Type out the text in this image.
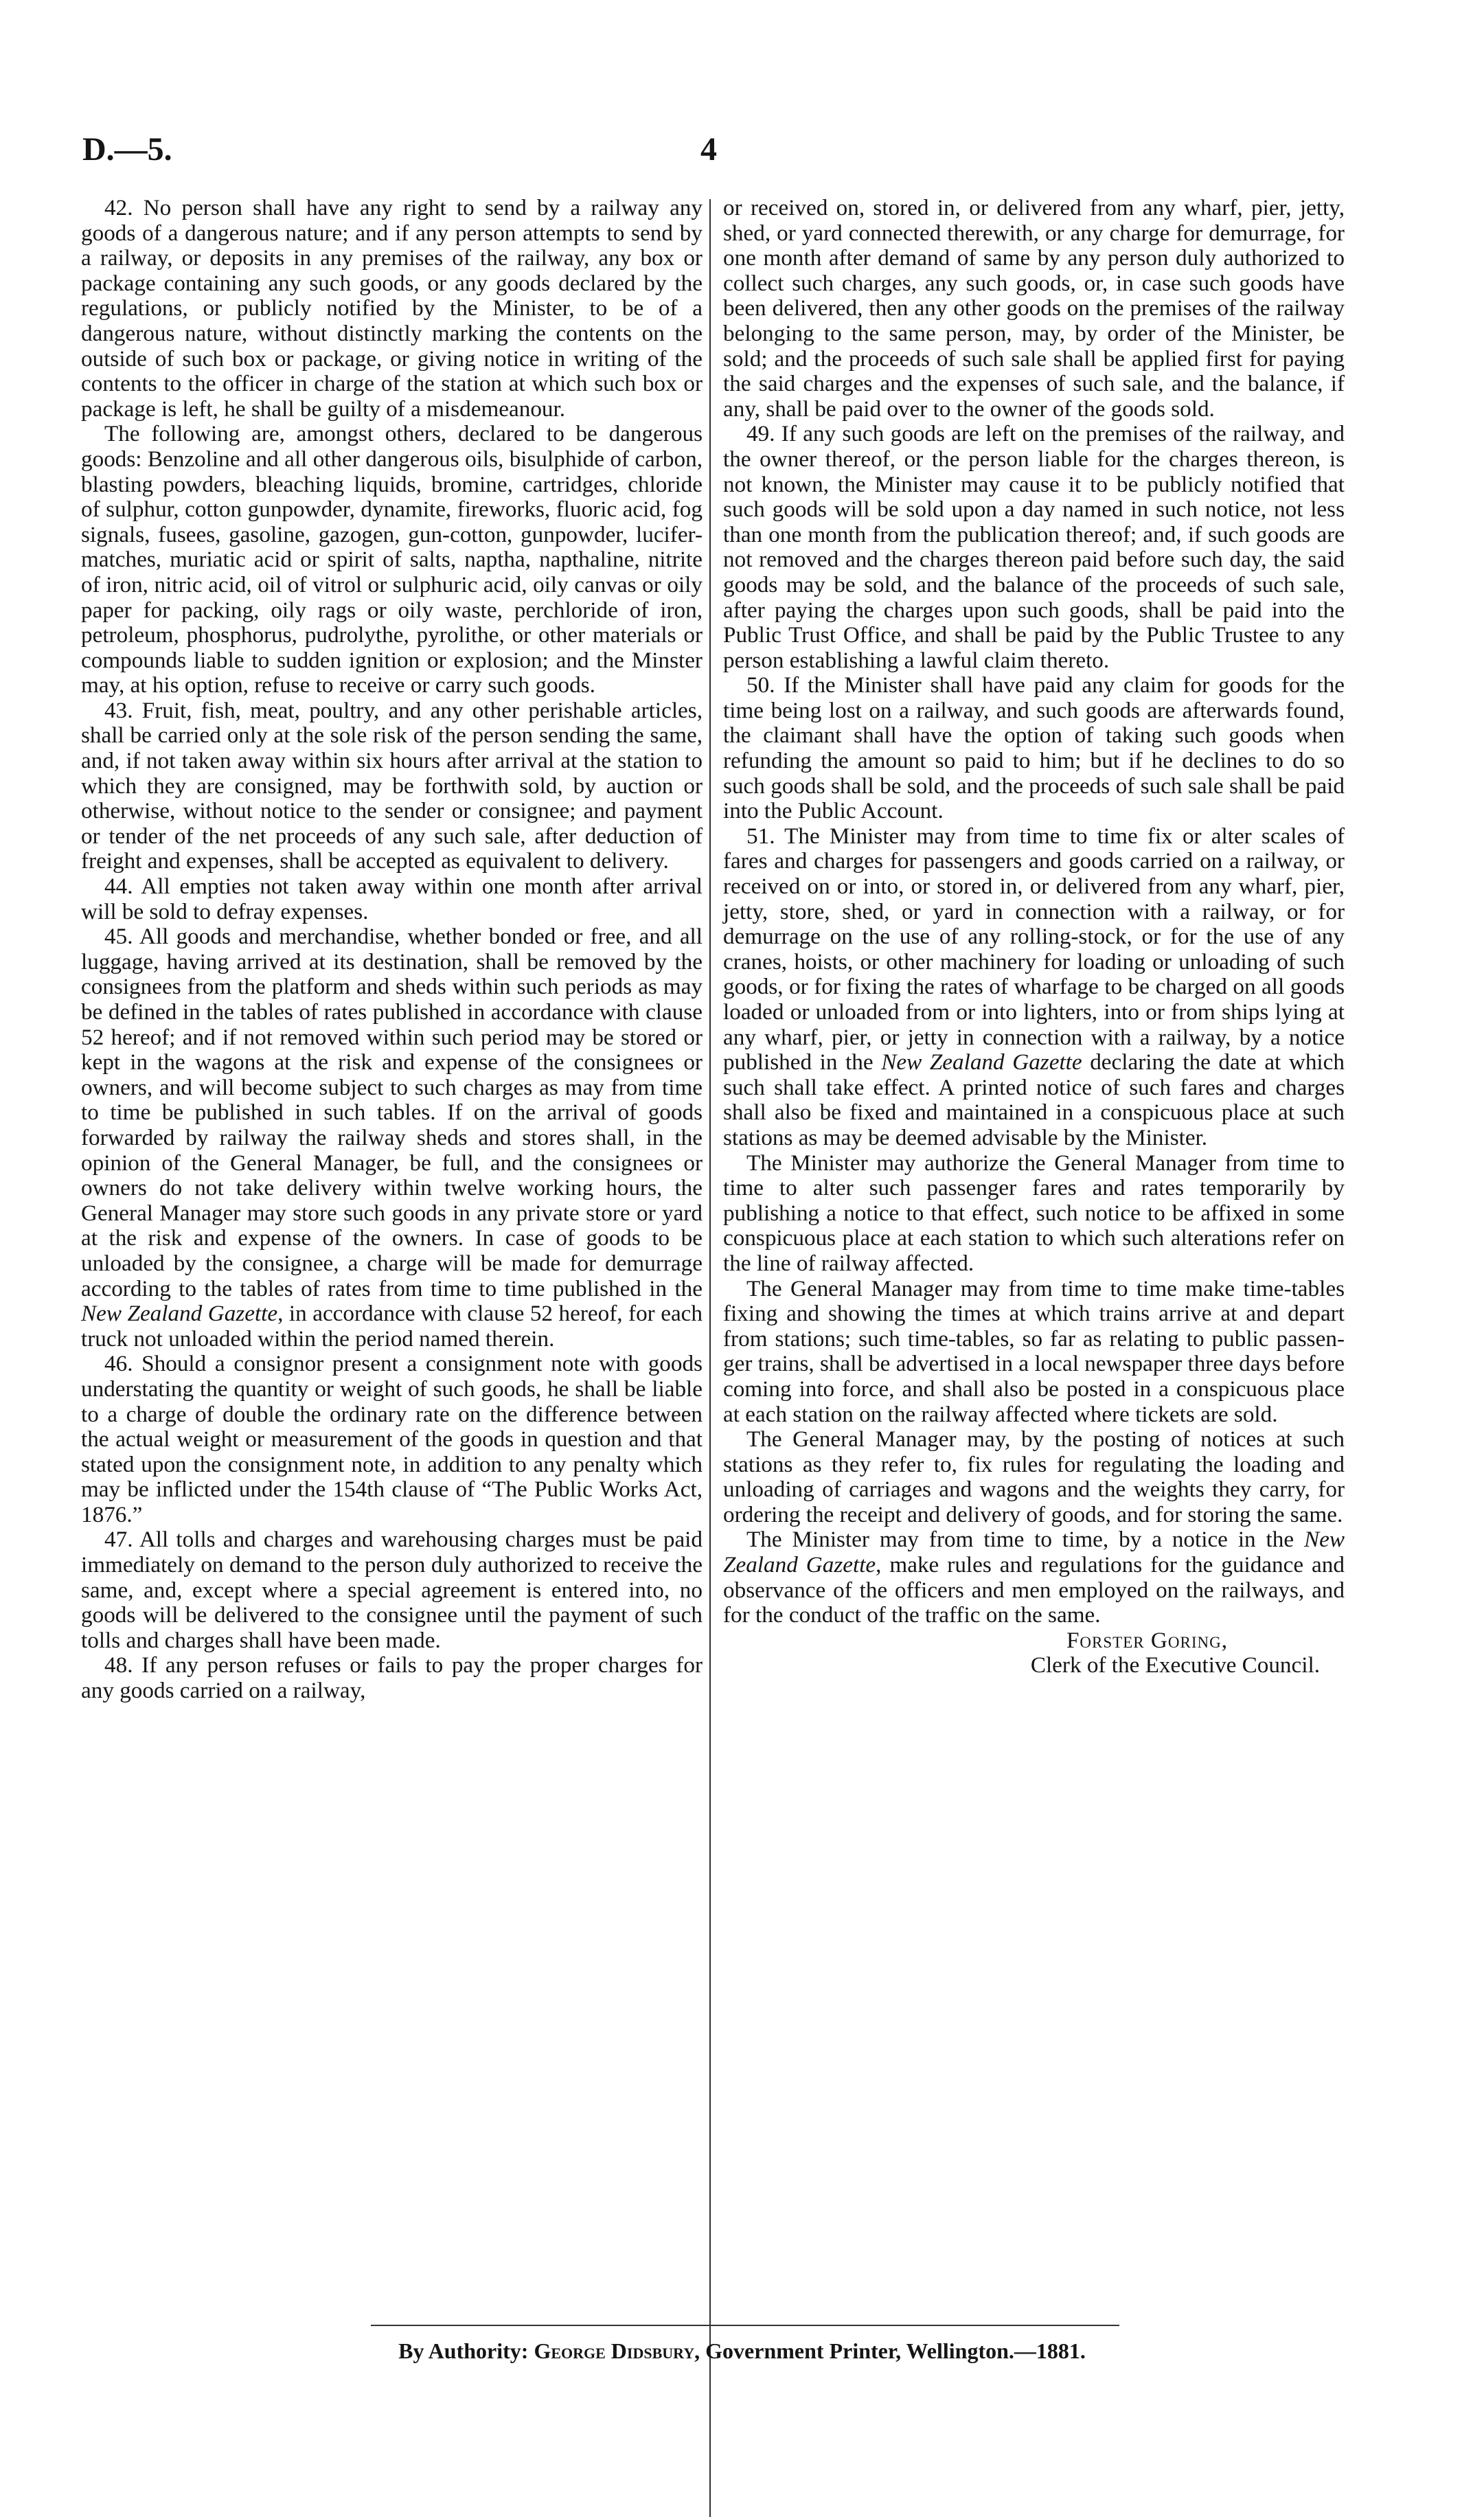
D.—5.	4

42. No person shall have any right to send by a railway any goods of a dangerous nature; and if any person attempts to send by a railway, or deposits in any premises of the railway, any box or package containing any such goods, or any goods declared by the regulations, or publicly notified by the Minister, to be of a dangerous nature, without distinctly marking the contents on the outside of such box or package, or giving notice in writing of the contents to the officer in charge of the station at which such box or package is left, he shall be guilty of a misdemeanour.

The following are, amongst others, declared to be dangerous goods: Benzoline and all other dangerous oils, bisulphide of carbon, blasting powders, bleaching liquids, bromine, cartridges, chloride of sulphur, cotton gunpowder, dynamite, fireworks, fluoric acid, fog signals, fusees, gasoline, gazogen, gun-cotton, gunpowder, lucifer-matches, muriatic acid or spirit of salts, naptha, napthaline, nitrite of iron, nitric acid, oil of vitrol or sulphuric acid, oily canvas or oily paper for packing, oily rags or oily waste, perchloride of iron, petroleum, phosphorus, pudrolythe, pyrolithe, or other materials or compounds liable to sudden ignition or explosion; and the Minster may, at his option, refuse to receive or carry such goods.

43. Fruit, fish, meat, poultry, and any other perishable articles, shall be carried only at the sole risk of the person sending the same, and, if not taken away within six hours after arrival at the station to which they are consigned, may be forthwith sold, by auction or otherwise, without notice to the sender or consignee; and payment or tender of the net proceeds of any such sale, after deduction of freight and expenses, shall be accepted as equivalent to delivery.

44. All empties not taken away within one month after arrival will be sold to defray expenses.

45. All goods and merchandise, whether bonded or free, and all luggage, having arrived at its destination, shall be removed by the consignees from the platform and sheds within such periods as may be defined in the tables of rates published in accordance with clause 52 hereof; and if not removed within such period may be stored or kept in the wagons at the risk and expense of the consignees or owners, and will become subject to such charges as may from time to time be published in such tables. If on the arrival of goods forwarded by railway the railway sheds and stores shall, in the opinion of the General Manager, be full, and the consignees or owners do not take delivery within twelve working hours, the General Manager may store such goods in any private store or yard at the risk and expense of the owners. In case of goods to be unloaded by the consignee, a charge will be made for demurrage according to the tables of rates from time to time published in the New Zealand Gazette, in accordance with clause 52 hereof, for each truck not unloaded within the period named therein.

46. Should a consignor present a consignment note with goods understating the quantity or weight of such goods, he shall be liable to a charge of double the ordinary rate on the difference between the actual weight or measurement of the goods in question and that stated upon the consignment note, in addition to any penalty which may be inflicted under the 154th clause of “The Public Works Act, 1876.”

47. All tolls and charges and warehousing charges must be paid immediately on demand to the person duly authorized to receive the same, and, except where a special agreement is entered into, no goods will be delivered to the consignee until the payment of such tolls and charges shall have been made.

48. If any person refuses or fails to pay the proper charges for any goods carried on a railway,

or received on, stored in, or delivered from any wharf, pier, jetty, shed, or yard connected therewith, or any charge for demurrage, for one month after demand of same by any person duly authorized to collect such charges, any such goods, or, in case such goods have been delivered, then any other goods on the premises of the railway belonging to the same person, may, by order of the Minister, be sold; and the proceeds of such sale shall be applied first for paying the said charges and the expenses of such sale, and the balance, if any, shall be paid over to the owner of the goods sold.

49. If any such goods are left on the premises of the railway, and the owner thereof, or the person liable for the charges thereon, is not known, the Minister may cause it to be publicly notified that such goods will be sold upon a day named in such notice, not less than one month from the publication thereof; and, if such goods are not removed and the charges thereon paid before such day, the said goods may be sold, and the balance of the proceeds of such sale, after paying the charges upon such goods, shall be paid into the Public Trust Office, and shall be paid by the Public Trustee to any person establishing a lawful claim thereto.

50. If the Minister shall have paid any claim for goods for the time being lost on a railway, and such goods are afterwards found, the claimant shall have the option of taking such goods when refunding the amount so paid to him; but if he declines to do so such goods shall be sold, and the proceeds of such sale shall be paid into the Public Account.

51. The Minister may from time to time fix or alter scales of fares and charges for passengers and goods carried on a railway, or received on or into, or stored in, or delivered from any wharf, pier, jetty, store, shed, or yard in connection with a railway, or for demurrage on the use of any rolling-stock, or for the use of any cranes, hoists, or other machinery for loading or unloading of such goods, or for fixing the rates of wharfage to be charged on all goods loaded or unloaded from or into lighters, into or from ships lying at any wharf, pier, or jetty in connection with a railway, by a notice published in the New Zealand Gazette declaring the date at which such shall take effect. A printed notice of such fares and charges shall also be fixed and maintained in a conspicuous place at such stations as may be deemed advisable by the Minister.

The Minister may authorize the General Manager from time to time to alter such passenger fares and rates temporarily by publishing a notice to that effect, such notice to be affixed in some conspicuous place at each station to which such alterations refer on the line of railway affected.

The General Manager may from time to time make time-tables fixing and showing the times at which trains arrive at and depart from stations; such time-tables, so far as relating to public passenger trains, shall be advertised in a local newspaper three days before coming into force, and shall also be posted in a conspicuous place at each station on the railway affected where tickets are sold.

The General Manager may, by the posting of notices at such stations as they refer to, fix rules for regulating the loading and unloading of carriages and wagons and the weights they carry, for ordering the receipt and delivery of goods, and for storing the same.

The Minister may from time to time, by a notice in the New Zealand Gazette, make rules and regulations for the guidance and observance of the officers and men employed on the railways, and for the conduct of the traffic on the same.

Forster Goring,
Clerk of the Executive Council.
By Authority: George Didsbury, Government Printer, Wellington.—1881.
